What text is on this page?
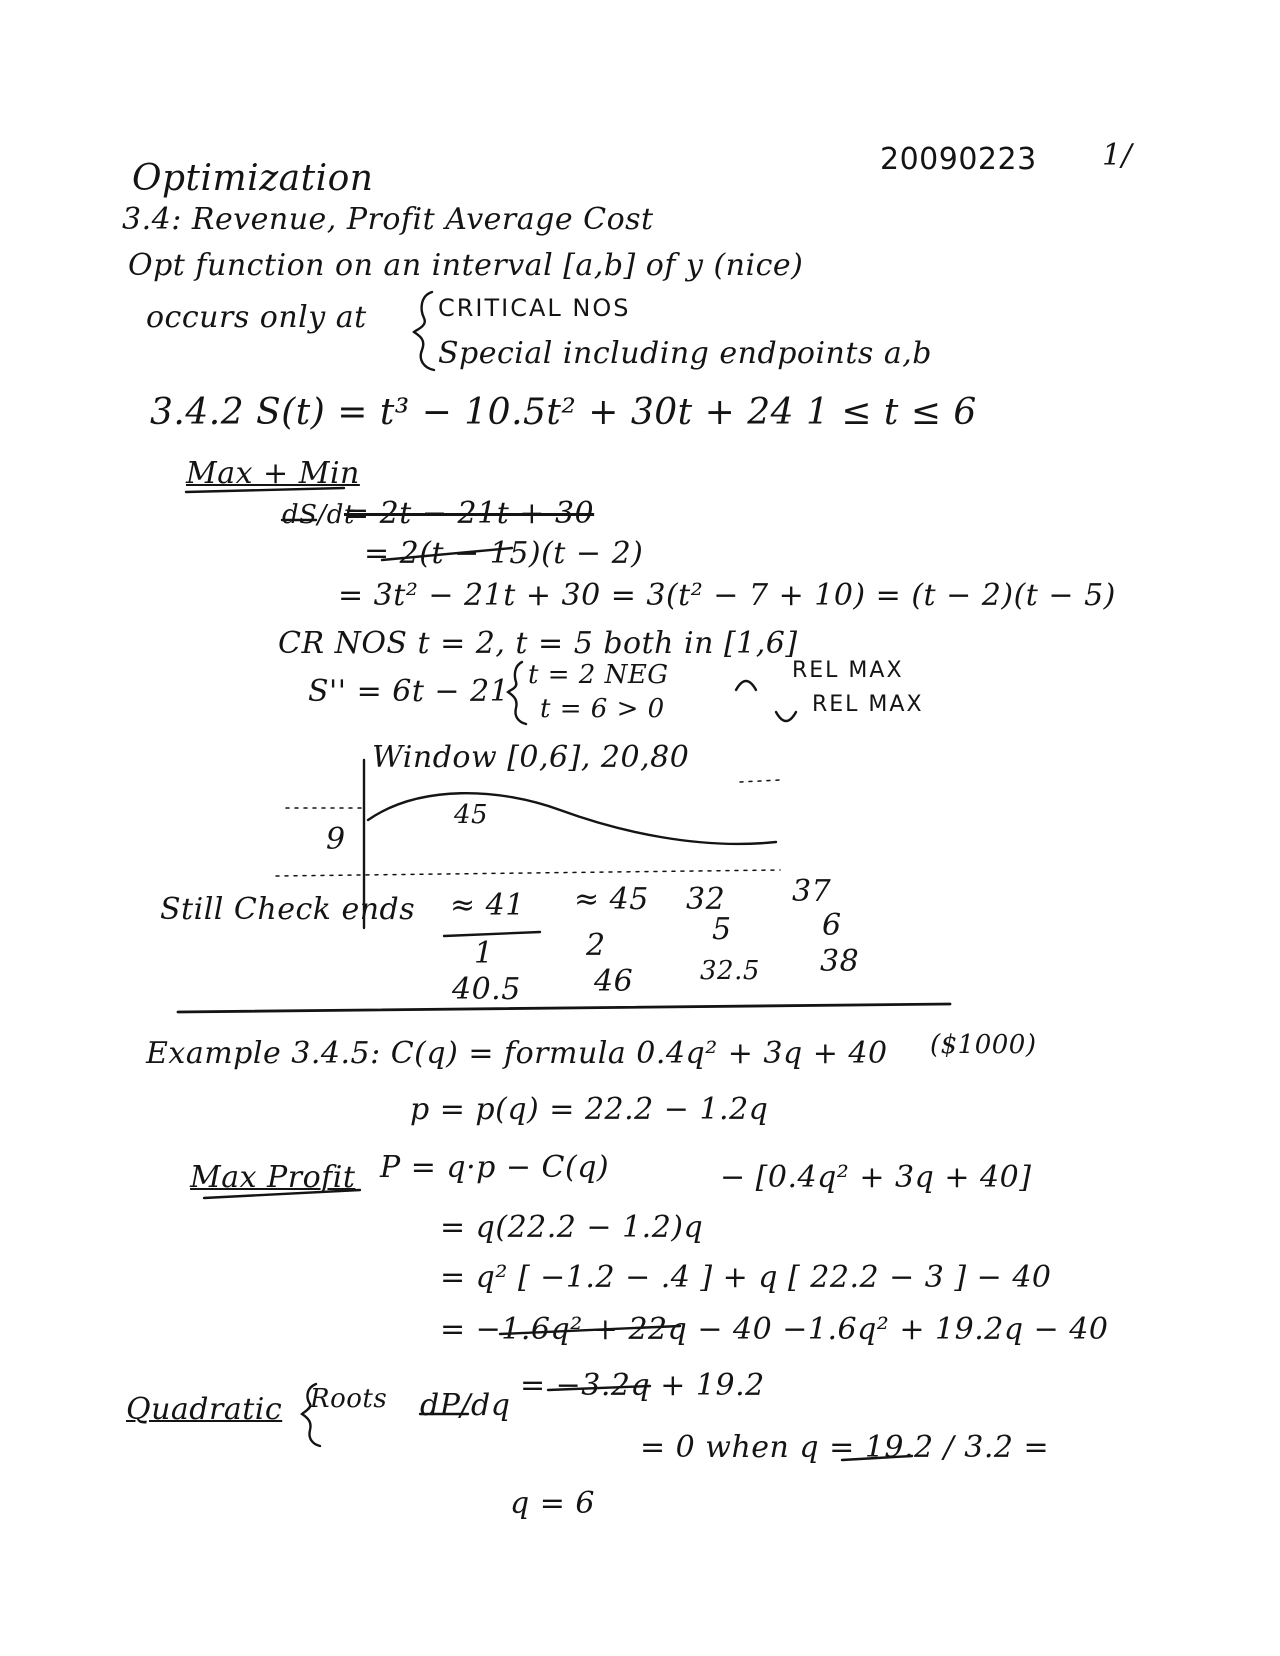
20090223 1/
Optimization
3.4: Revenue, Profit Average Cost
Opt function on an interval [a,b] of y (nice)
occurs only at	CRITICAL NOS
Special including endpoints a,b
3.4.2 S(t) = t³ − 10.5t² + 30t + 24 1 ≤ t ≤ 6
Max + Min
dS/dt
= 2t − 21t + 30
= 2(t − 15)(t − 2)
= 3t² − 21t + 30 = 3(t² − 7 + 10) = (t − 2)(t − 5)
CR NOS t = 2, t = 5 both in [1,6]
S'' = 6t − 21 t = 2 NEG	REL MAX
t = 6 > 0	REL MAX
Window [0,6], 20,80
45
9
Still Check ends ≈ 41 ≈ 45 32 37
1	2	5	6
40.5 46	32.5 38
Example 3.4.5: C(q) = formula 0.4q² + 3q + 40 ($1000)
p = p(q) = 22.2 − 1.2q
Max Profit P = q·p − C(q)	− [0.4q² + 3q + 40]
= q(22.2 − 1.2)q
= q² [ −1.2 − .4 ] + q [ 22.2 − 3 ] − 40
= −1.6q² + 22q − 40 −1.6q² + 19.2q − 40
Quadratic Roots dP/dq
= −3.2q + 19.2
= 0 when q = 19.2 / 3.2 =
q = 6
